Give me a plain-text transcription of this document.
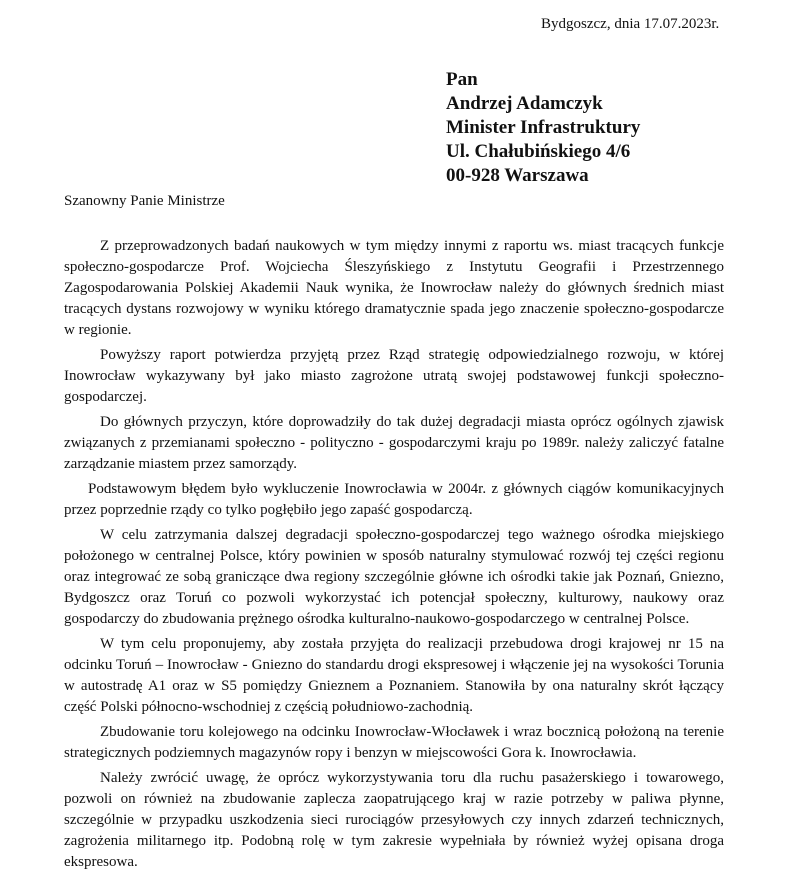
Bydgoszcz, dnia 17.07.2023r.
Pan
Andrzej Adamczyk
Minister Infrastruktury
Ul. Chałubińskiego 4/6
00-928 Warszawa
Szanowny Panie Ministrze

Z przeprowadzonych badań naukowych w tym między innymi z raportu ws. miast tracących funkcje społeczno-gospodarcze Prof. Wojciecha Śleszyńskiego z Instytutu Geografii i Przestrzennego Zagospodarowania Polskiej Akademii Nauk wynika, że Inowrocław należy do głównych średnich miast tracących dystans rozwojowy w wyniku którego dramatycznie spada jego znaczenie społeczno-gospodarcze w regionie.

Powyższy raport potwierdza przyjętą przez Rząd strategię odpowiedzialnego rozwoju, w której Inowrocław wykazywany był jako miasto zagrożone utratą swojej podstawowej funkcji społeczno-gospodarczej.

Do głównych przyczyn, które doprowadziły do tak dużej degradacji miasta oprócz ogólnych zjawisk związanych z przemianami społeczno - polityczno - gospodarczymi kraju po 1989r. należy zaliczyć fatalne zarządzanie miastem przez samorządy.

Podstawowym błędem było wykluczenie Inowrocławia w 2004r. z głównych ciągów komunikacyjnych przez poprzednie rządy co tylko pogłębiło jego zapaść gospodarczą.

W celu zatrzymania dalszej degradacji społeczno-gospodarczej tego ważnego ośrodka miejskiego położonego w centralnej Polsce, który powinien w sposób naturalny stymulować rozwój tej części regionu oraz integrować ze sobą graniczące dwa regiony szczególnie główne ich ośrodki takie jak Poznań, Gniezno, Bydgoszcz oraz Toruń co pozwoli wykorzystać ich potencjał społeczny, kulturowy, naukowy oraz gospodarczy do zbudowania prężnego ośrodka kulturalno-naukowo-gospodarczego w centralnej Polsce.

W tym celu proponujemy, aby została przyjęta do realizacji przebudowa drogi krajowej nr 15 na odcinku Toruń – Inowrocław - Gniezno do standardu drogi ekspresowej i włączenie jej na wysokości Torunia w autostradę A1 oraz w S5 pomiędzy Gnieznem a Poznaniem. Stanowiła by ona naturalny skrót łączący część Polski północno-wschodniej z częścią południowo-zachodnią.

Zbudowanie toru kolejowego na odcinku Inowrocław-Włocławek i wraz bocznicą położoną na terenie strategicznych podziemnych magazynów ropy i benzyn w miejscowości Gora k. Inowrocławia.

Należy zwrócić uwagę, że oprócz wykorzystywania toru dla ruchu pasażerskiego i towarowego, pozwoli on również na zbudowanie zaplecza zaopatrującego kraj w razie potrzeby w paliwa płynne, szczególnie w przypadku uszkodzenia sieci rurociągów przesyłowych czy innych zdarzeń technicznych, zagrożenia militarnego itp. Podobną rolę w tym zakresie wypełniała by również wyżej opisana droga ekspresowa.
